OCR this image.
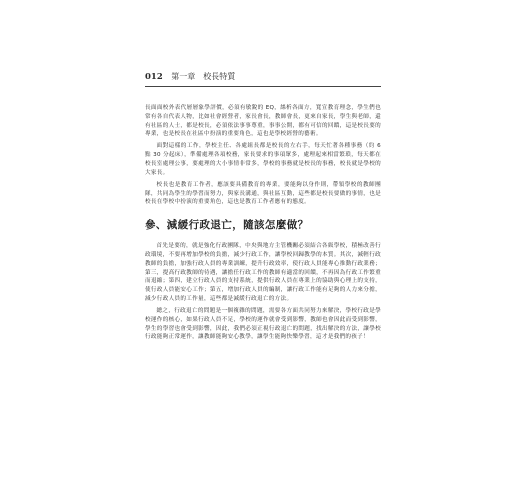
012 第一章　校長特質

長面面校外表代層層象學評價，必須有敏銳的 EQ，絲析各面方，寬宣教育理念，學生們也常有各自代表人物，比如社會經營者，家長會長，教師會長，更來自家長，學生與老師，還有社區的人士，都是校長，必須依法事事尊重，事事公開，都有可信的回饋，這是校長要的專業，也是校長在社區中扮演的重要角色，這也是學校經營的藝術。

面對這樣的工作，學校主任、各處組長都是校長的左右手，每天忙著各種事務（約 6 點 30 分起床），準備處理各項校務，家長要求的事項眾多，處理起來相當繁瑣，每天都在校長室處理公事，要處理的大小事情非常多，學校的事務就是校長的事務，校長就是學校的大家長。

校長也是教育工作者，應該要具備教育的專業，要能夠以身作則，帶領學校的教師團隊，共同為學生的學習而努力，與家長溝通，與社區互動，這些都是校長要做的事情，也是校長在學校中扮演的重要角色，這也是教育工作者應有的態度。

參、減緩行政退亡，隨該怎麼做？

首先是要的，就是強化行政團隊，中央與地方主管機關必須結合各級學校，積極改善行政環境，不要再增加學校的負擔，減少行政工作，讓學校回歸教學的本質。其次，減輕行政教師的負擔，加強行政人員的專業訓練，提升行政效率，使行政人員能專心推動行政業務；第三，提高行政教師的待遇，讓擔任行政工作的教師有適當的回饋，不再因為行政工作繁重而退縮；第四，建立行政人員的支持系統，提供行政人員在專業上的協助與心理上的支持，使行政人員能安心工作；第五，增加行政人員的編制，讓行政工作能有足夠的人力來分擔，減少行政人員的工作量，這些都是減緩行政退亡的方法。

總之，行政退亡的問題是一個複雜的問題，需要各方面共同努力來解決，學校行政是學校運作的核心，如果行政人員不足，學校的運作就會受到影響，教師也會因此而受到影響，學生的學習也會受到影響，因此，我們必須正視行政退亡的問題，找出解決的方法，讓學校行政能夠正常運作，讓教師能夠安心教學，讓學生能夠快樂學習，這才是我們的孩子！
